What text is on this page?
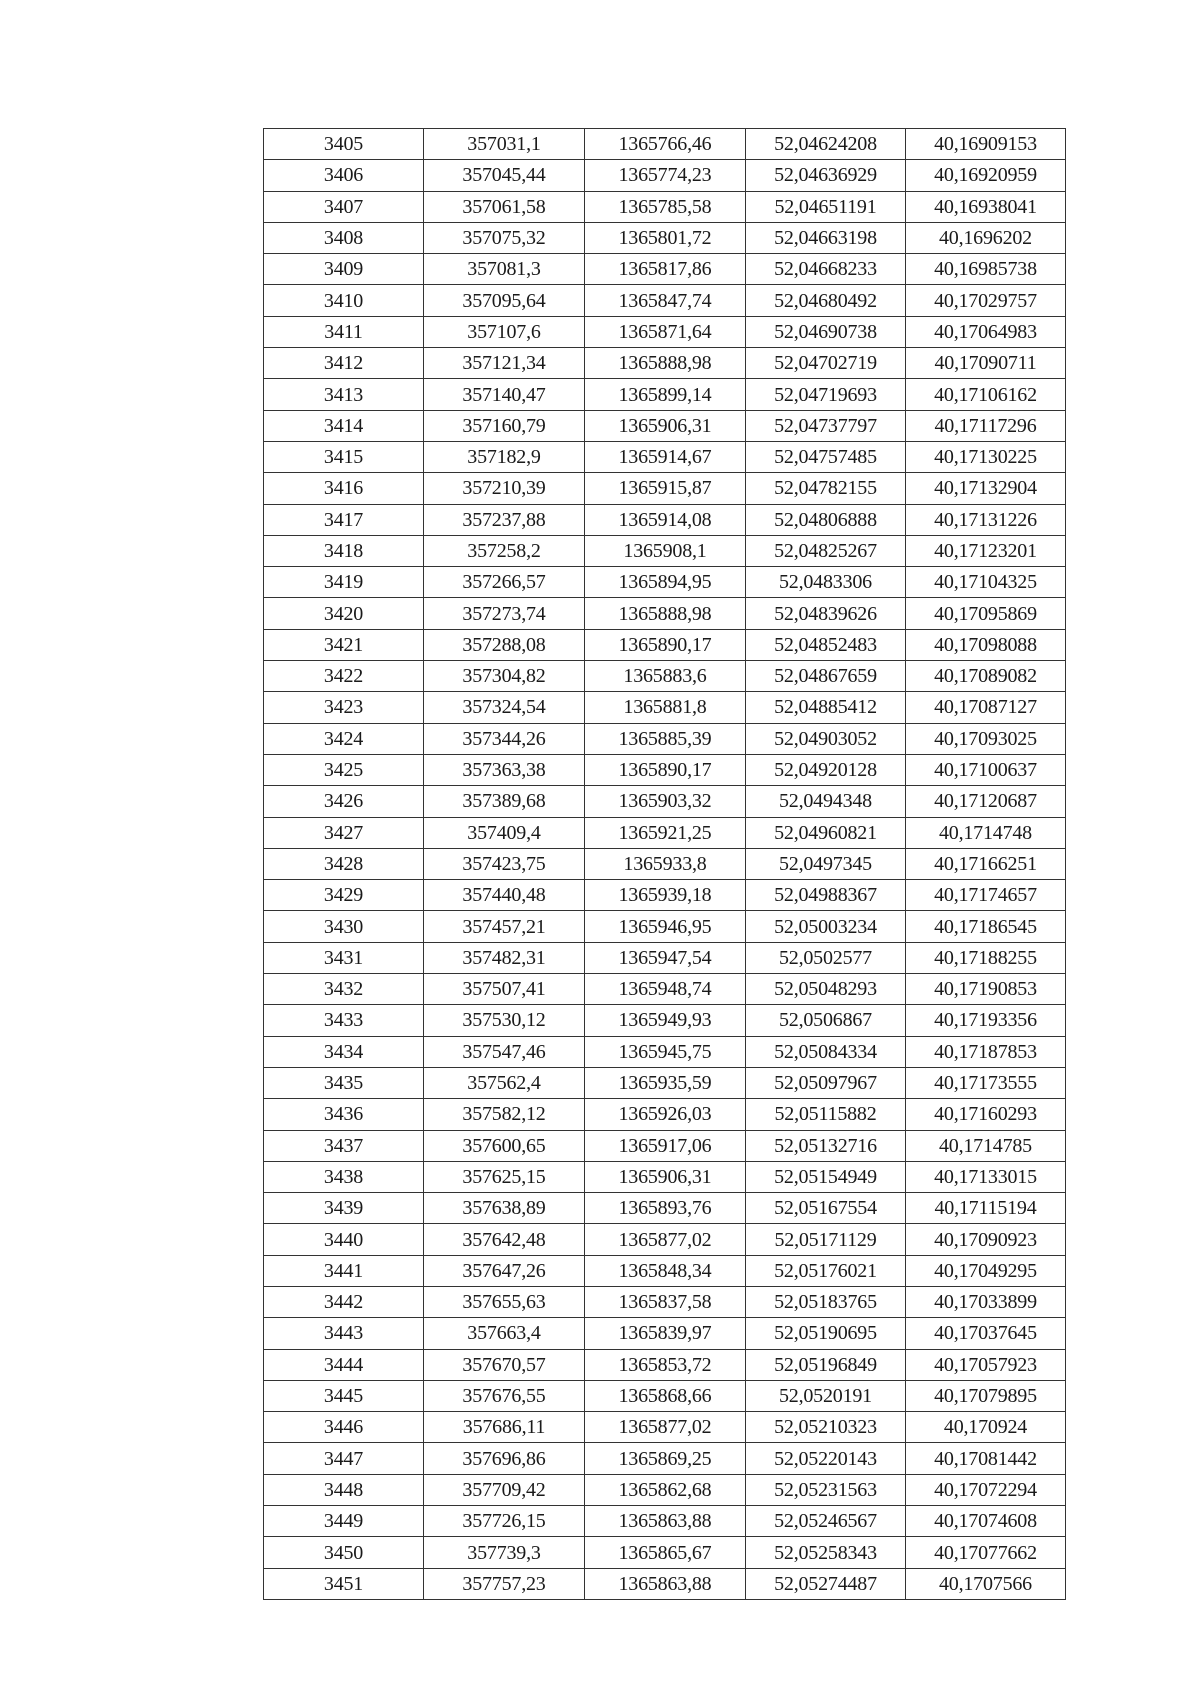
3405	357031,1	1365766,46	52,04624208	40,16909153
3406	357045,44	1365774,23	52,04636929	40,16920959
3407	357061,58	1365785,58	52,04651191	40,16938041
3408	357075,32	1365801,72	52,04663198	40,1696202
3409	357081,3	1365817,86	52,04668233	40,16985738
3410	357095,64	1365847,74	52,04680492	40,17029757
3411	357107,6	1365871,64	52,04690738	40,17064983
3412	357121,34	1365888,98	52,04702719	40,17090711
3413	357140,47	1365899,14	52,04719693	40,17106162
3414	357160,79	1365906,31	52,04737797	40,17117296
3415	357182,9	1365914,67	52,04757485	40,17130225
3416	357210,39	1365915,87	52,04782155	40,17132904
3417	357237,88	1365914,08	52,04806888	40,17131226
3418	357258,2	1365908,1	52,04825267	40,17123201
3419	357266,57	1365894,95	52,0483306	40,17104325
3420	357273,74	1365888,98	52,04839626	40,17095869
3421	357288,08	1365890,17	52,04852483	40,17098088
3422	357304,82	1365883,6	52,04867659	40,17089082
3423	357324,54	1365881,8	52,04885412	40,17087127
3424	357344,26	1365885,39	52,04903052	40,17093025
3425	357363,38	1365890,17	52,04920128	40,17100637
3426	357389,68	1365903,32	52,0494348	40,17120687
3427	357409,4	1365921,25	52,04960821	40,1714748
3428	357423,75	1365933,8	52,0497345	40,17166251
3429	357440,48	1365939,18	52,04988367	40,17174657
3430	357457,21	1365946,95	52,05003234	40,17186545
3431	357482,31	1365947,54	52,0502577	40,17188255
3432	357507,41	1365948,74	52,05048293	40,17190853
3433	357530,12	1365949,93	52,0506867	40,17193356
3434	357547,46	1365945,75	52,05084334	40,17187853
3435	357562,4	1365935,59	52,05097967	40,17173555
3436	357582,12	1365926,03	52,05115882	40,17160293
3437	357600,65	1365917,06	52,05132716	40,1714785
3438	357625,15	1365906,31	52,05154949	40,17133015
3439	357638,89	1365893,76	52,05167554	40,17115194
3440	357642,48	1365877,02	52,05171129	40,17090923
3441	357647,26	1365848,34	52,05176021	40,17049295
3442	357655,63	1365837,58	52,05183765	40,17033899
3443	357663,4	1365839,97	52,05190695	40,17037645
3444	357670,57	1365853,72	52,05196849	40,17057923
3445	357676,55	1365868,66	52,0520191	40,17079895
3446	357686,11	1365877,02	52,05210323	40,170924
3447	357696,86	1365869,25	52,05220143	40,17081442
3448	357709,42	1365862,68	52,05231563	40,17072294
3449	357726,15	1365863,88	52,05246567	40,17074608
3450	357739,3	1365865,67	52,05258343	40,17077662
3451	357757,23	1365863,88	52,05274487	40,1707566
